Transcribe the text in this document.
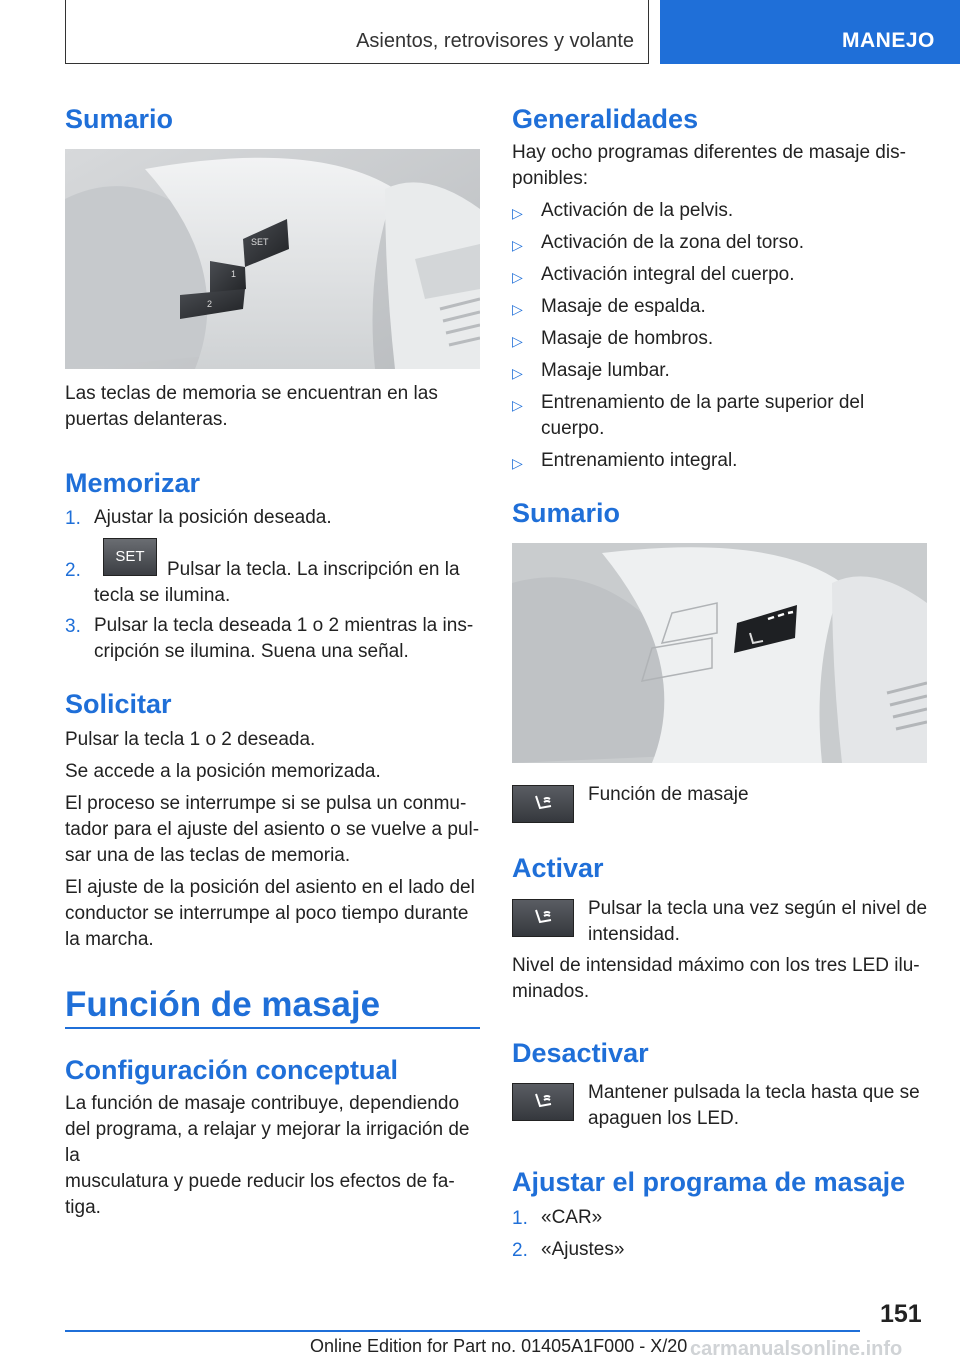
Asientos, retrovisores y volante	MANEJO
Sumario
SET
1
2
Las teclas de memoria se encuentran en las
puertas delanteras.
Memorizar
1. Ajustar la posición deseada.
2.
SET
Pulsar la tecla. La inscripción en la
tecla se ilumina.
3. Pulsar la tecla deseada 1 o 2 mientras la ins-
cripción se ilumina. Suena una señal.
Solicitar
Pulsar la tecla 1 o 2 deseada.
Se accede a la posición memorizada.
El proceso se interrumpe si se pulsa un conmu-
tador para el ajuste del asiento o se vuelve a pul-
sar una de las teclas de memoria.
El ajuste de la posición del asiento en el lado del
conductor se interrumpe al poco tiempo durante
la marcha.
Función de masaje
Configuración conceptual
La función de masaje contribuye, dependiendo
del programa, a relajar y mejorar la irrigación de la
musculatura y puede reducir los efectos de fa-
tiga.
Generalidades
Hay ocho programas diferentes de masaje dis-
ponibles:
▷ Activación de la pelvis.
▷ Activación de la zona del torso.
▷ Activación integral del cuerpo.
▷ Masaje de espalda.
▷ Masaje de hombros.
▷ Masaje lumbar.
▷ Entrenamiento de la parte superior del
cuerpo.
▷ Entrenamiento integral.
Sumario
Función de masaje
Activar
Pulsar la tecla una vez según el nivel de
intensidad.
Nivel de intensidad máximo con los tres LED ilu-
minados.
Desactivar
Mantener pulsada la tecla hasta que se
apaguen los LED.
Ajustar el programa de masaje
1. «CAR»
2. «Ajustes»
151
Online Edition for Part no. 01405A1F000 - X/20 carmanualsonline.info
